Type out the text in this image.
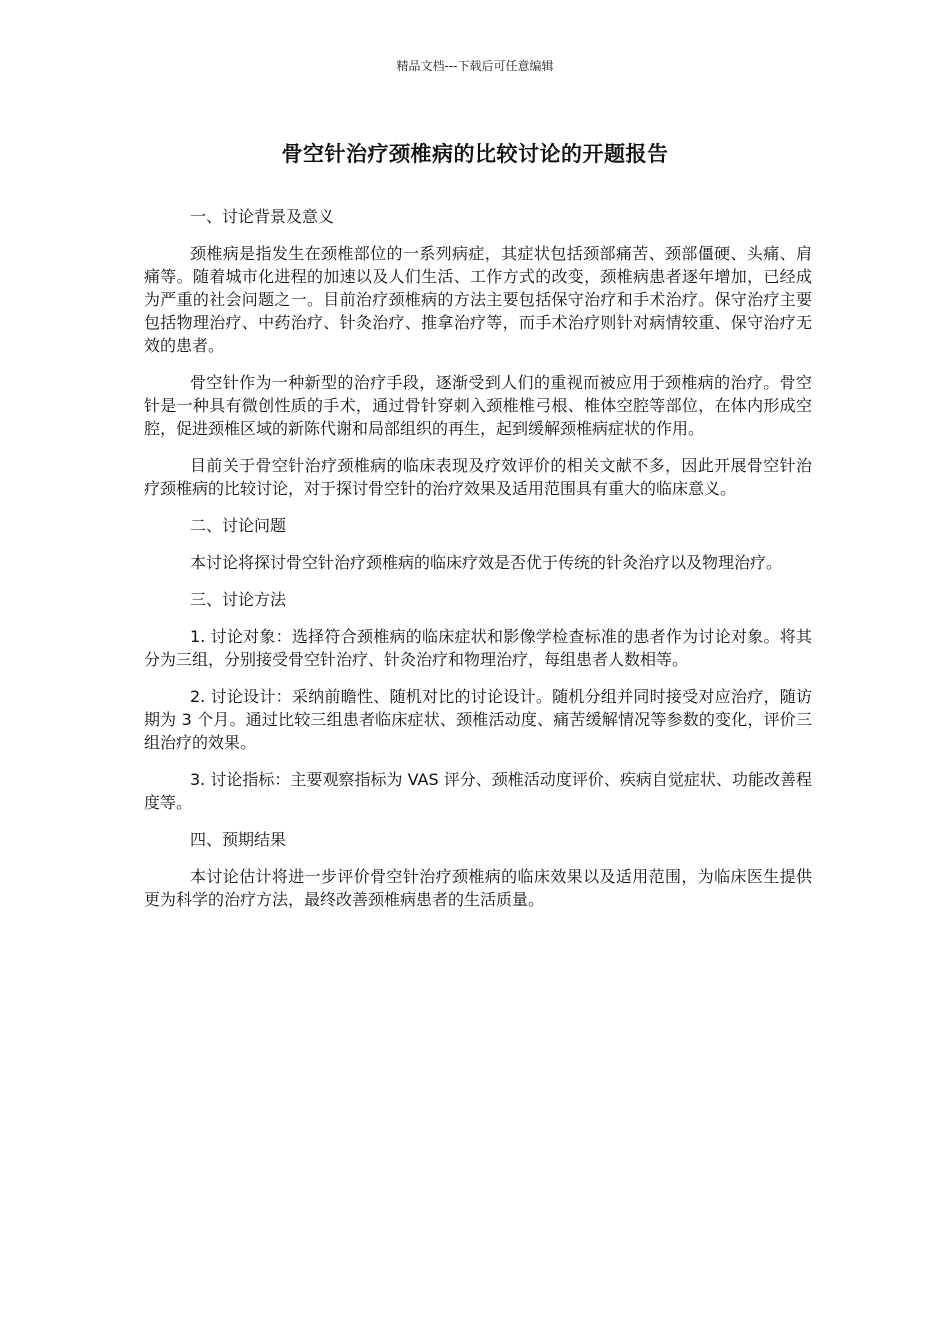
精品文档---下载后可任意编辑
骨空针治疗颈椎病的比较讨论的开题报告

一、讨论背景及意义

颈椎病是指发生在颈椎部位的一系列病症，其症状包括颈部痛苦、颈部僵硬、头痛、肩痛等。随着城市化进程的加速以及人们生活、工作方式的改变，颈椎病患者逐年增加，已经成为严重的社会问题之一。目前治疗颈椎病的方法主要包括保守治疗和手术治疗。保守治疗主要包括物理治疗、中药治疗、针灸治疗、推拿治疗等，而手术治疗则针对病情较重、保守治疗无效的患者。

骨空针作为一种新型的治疗手段，逐渐受到人们的重视而被应用于颈椎病的治疗。骨空针是一种具有微创性质的手术，通过骨针穿刺入颈椎椎弓根、椎体空腔等部位，在体内形成空腔，促进颈椎区域的新陈代谢和局部组织的再生，起到缓解颈椎病症状的作用。

目前关于骨空针治疗颈椎病的临床表现及疗效评价的相关文献不多，因此开展骨空针治疗颈椎病的比较讨论，对于探讨骨空针的治疗效果及适用范围具有重大的临床意义。

二、讨论问题

本讨论将探讨骨空针治疗颈椎病的临床疗效是否优于传统的针灸治疗以及物理治疗。

三、讨论方法

1. 讨论对象：选择符合颈椎病的临床症状和影像学检查标准的患者作为讨论对象。将其分为三组，分别接受骨空针治疗、针灸治疗和物理治疗，每组患者人数相等。

2. 讨论设计：采纳前瞻性、随机对比的讨论设计。随机分组并同时接受对应治疗，随访期为 3 个月。通过比较三组患者临床症状、颈椎活动度、痛苦缓解情况等参数的变化，评价三组治疗的效果。

3. 讨论指标：主要观察指标为 VAS 评分、颈椎活动度评价、疾病自觉症状、功能改善程度等。

四、预期结果

本讨论估计将进一步评价骨空针治疗颈椎病的临床效果以及适用范围，为临床医生提供更为科学的治疗方法，最终改善颈椎病患者的生活质量。
